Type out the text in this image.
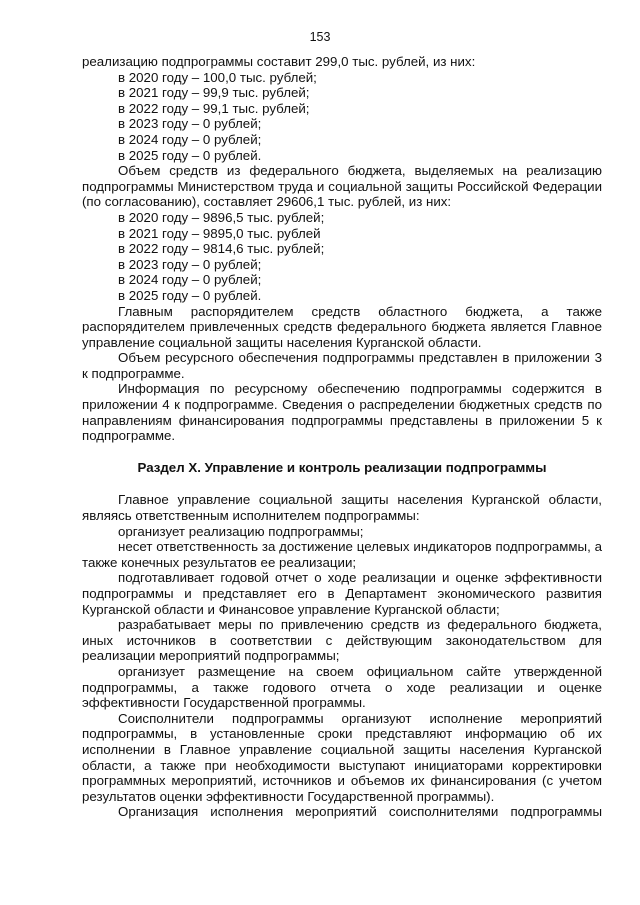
153

реализацию подпрограммы составит 299,0 тыс. рублей, из них:

в 2020 году – 100,0 тыс. рублей;

в 2021 году – 99,9 тыс. рублей;

в 2022 году – 99,1 тыс. рублей;

в 2023 году – 0 рублей;

в 2024 году – 0 рублей;

в 2025 году – 0 рублей.

Объем средств из федерального бюджета, выделяемых на реализацию подпрограммы Министерством труда и социальной защиты Российской Федерации (по согласованию), составляет 29606,1 тыс. рублей, из них:

в 2020 году – 9896,5 тыс. рублей;

в 2021 году – 9895,0 тыс. рублей

в 2022 году – 9814,6 тыс. рублей;

в 2023 году – 0 рублей;

в 2024 году – 0 рублей;

в 2025 году – 0 рублей.

Главным распорядителем средств областного бюджета, а также распорядителем привлеченных средств федерального бюджета является Главное управление социальной защиты населения Курганской области.

Объем ресурсного обеспечения подпрограммы представлен в приложении 3 к подпрограмме.

Информация по ресурсному обеспечению подпрограммы содержится в приложении 4 к подпрограмме. Сведения о распределении бюджетных средств по направлениям финансирования подпрограммы представлены в приложении 5 к подпрограмме.

Раздел X. Управление и контроль реализации подпрограммы

Главное управление социальной защиты населения Курганской области, являясь ответственным исполнителем подпрограммы:

организует реализацию подпрограммы;

несет ответственность за достижение целевых индикаторов подпрограммы, а также конечных результатов ее реализации;

подготавливает годовой отчет о ходе реализации и оценке эффективности подпрограммы и представляет его в Департамент экономического развития Курганской области и Финансовое управление Курганской области;

разрабатывает меры по привлечению средств из федерального бюджета, иных источников в соответствии с действующим законодательством для реализации мероприятий подпрограммы;

организует размещение на своем официальном сайте утвержденной подпрограммы, а также годового отчета о ходе реализации и оценке эффективности Государственной программы.

Соисполнители подпрограммы организуют исполнение мероприятий подпрограммы, в установленные сроки представляют информацию об их исполнении в Главное управление социальной защиты населения Курганской области, а также при необходимости выступают инициаторами корректировки программных мероприятий, источников и объемов их финансирования (с учетом результатов оценки эффективности Государственной программы).

Организация исполнения мероприятий соисполнителями подпрограммы
